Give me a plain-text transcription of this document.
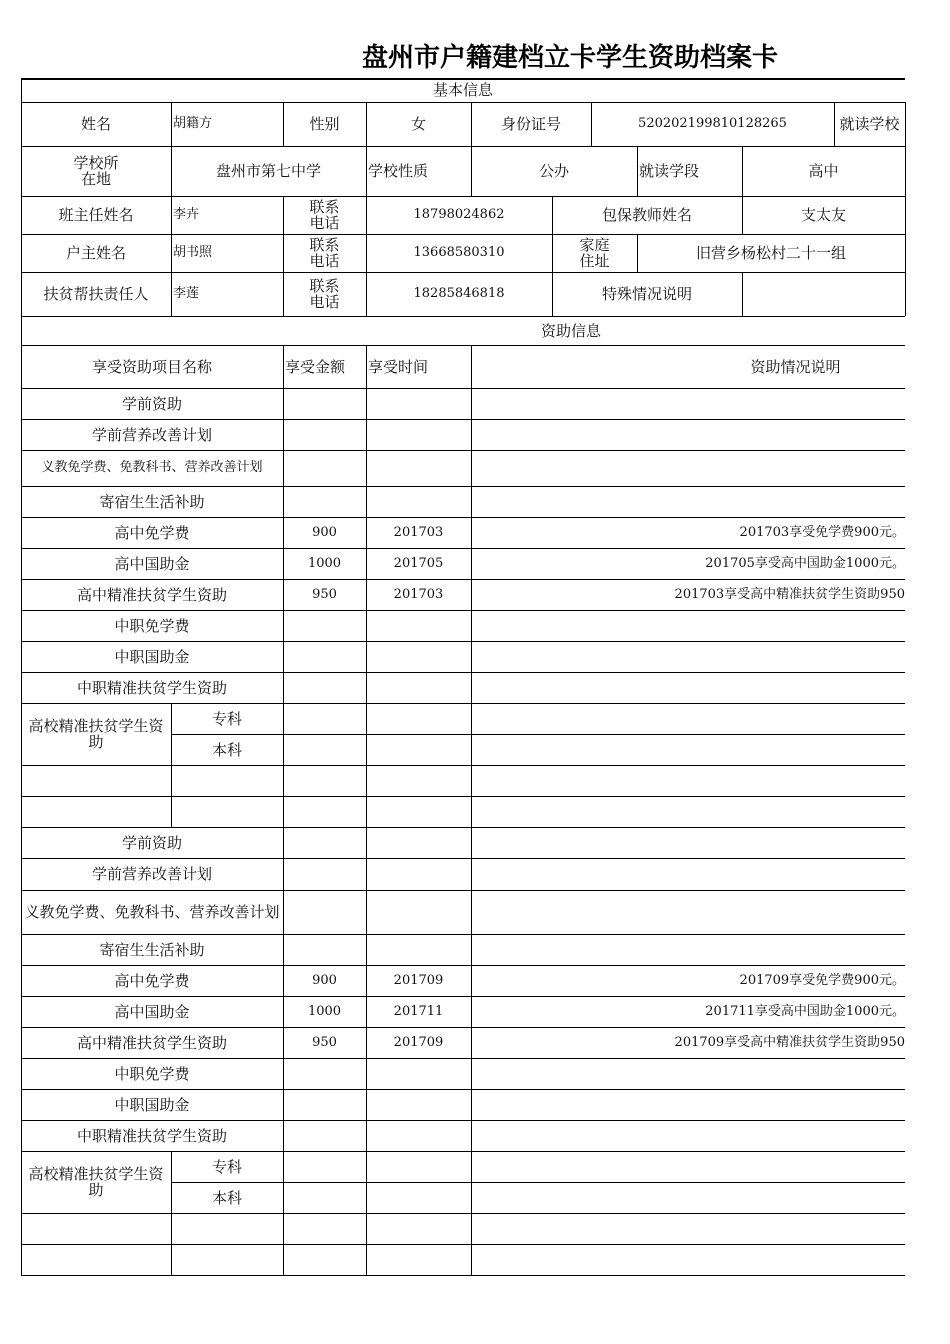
盘州市户籍建档立卡学生资助档案卡
基本信息
姓名	胡籍方	性别	女	身份证号	520202199810128265	就读学校
学校所在地	盘州市第七中学	学校性质	公办	就读学段	高中
班主任姓名	李卉	联系电话	18798024862	包保教师姓名	支太友
户主姓名	胡书照	联系电话	13668580310	家庭住址	旧营乡杨松村二十一组
扶贫帮扶责任人	李莲	联系电话	18285846818	特殊情况说明
资助信息
享受资助项目名称	享受金额	享受时间	资助情况说明
学前资助
学前营养改善计划
义教免学费、免教科书、营养改善计划
寄宿生生活补助
高中免学费	900	201703	201703享受免学费900元。
高中国助金	1000	201705	201705享受高中国助金1000元。
高中精准扶贫学生资助	950	201703	201703享受高中精准扶贫学生资助950
中职免学费
中职国助金
中职精准扶贫学生资助
高校精准扶贫学生资助
专科
本科
学前资助
学前营养改善计划
义教免学费、免教科书、营养改善计划
寄宿生生活补助
高中免学费	900	201709	201709享受免学费900元。
高中国助金	1000	201711	201711享受高中国助金1000元。
高中精准扶贫学生资助	950	201709	201709享受高中精准扶贫学生资助950
中职免学费
中职国助金
中职精准扶贫学生资助
高校精准扶贫学生资助
专科
本科
